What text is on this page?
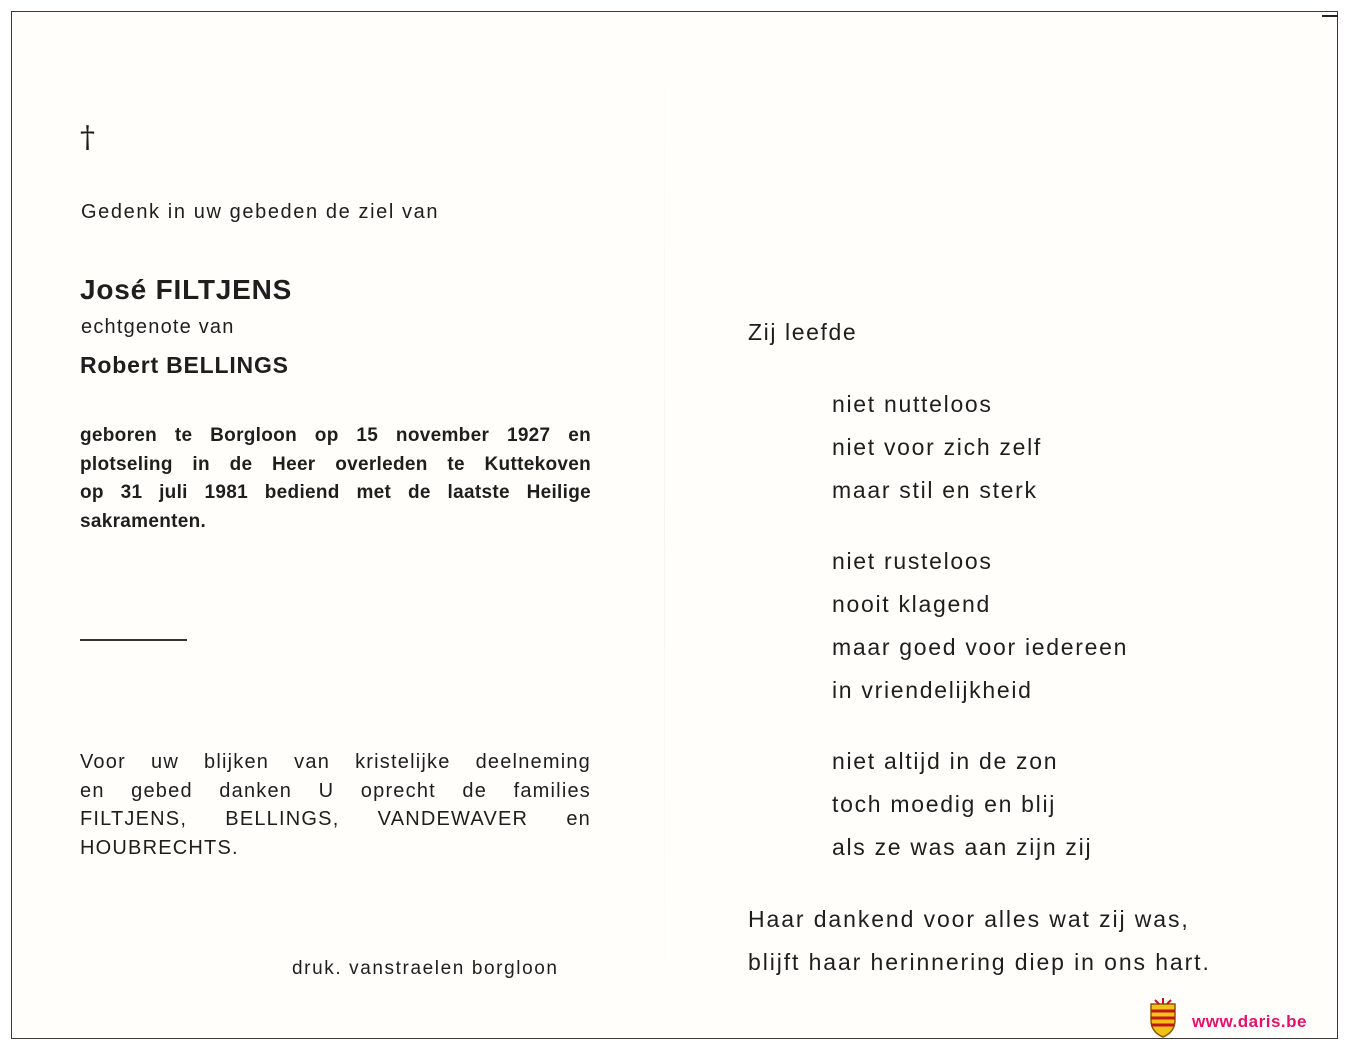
†
Gedenk in uw gebeden de ziel van
José FILTJENS
echtgenote van
Robert BELLINGS
geboren te Borgloon op 15 november 1927 en
plotseling in de Heer overleden te Kuttekoven
op 31 juli 1981 bediend met de laatste Heilige
sakramenten.
Voor uw blijken van kristelijke deelneming
en gebed danken U oprecht de families
FILTJENS, BELLINGS, VANDEWAVER en
HOUBRECHTS.
druk. vanstraelen borgloon
Zij leefde
niet nutteloos
niet voor zich zelf
maar stil en sterk
niet rusteloos
nooit klagend
maar goed voor iedereen
in vriendelijkheid
niet altijd in de zon
toch moedig en blij
als ze was aan zijn zij
Haar dankend voor alles wat zij was,
blijft haar herinnering diep in ons hart.
www.daris.be
